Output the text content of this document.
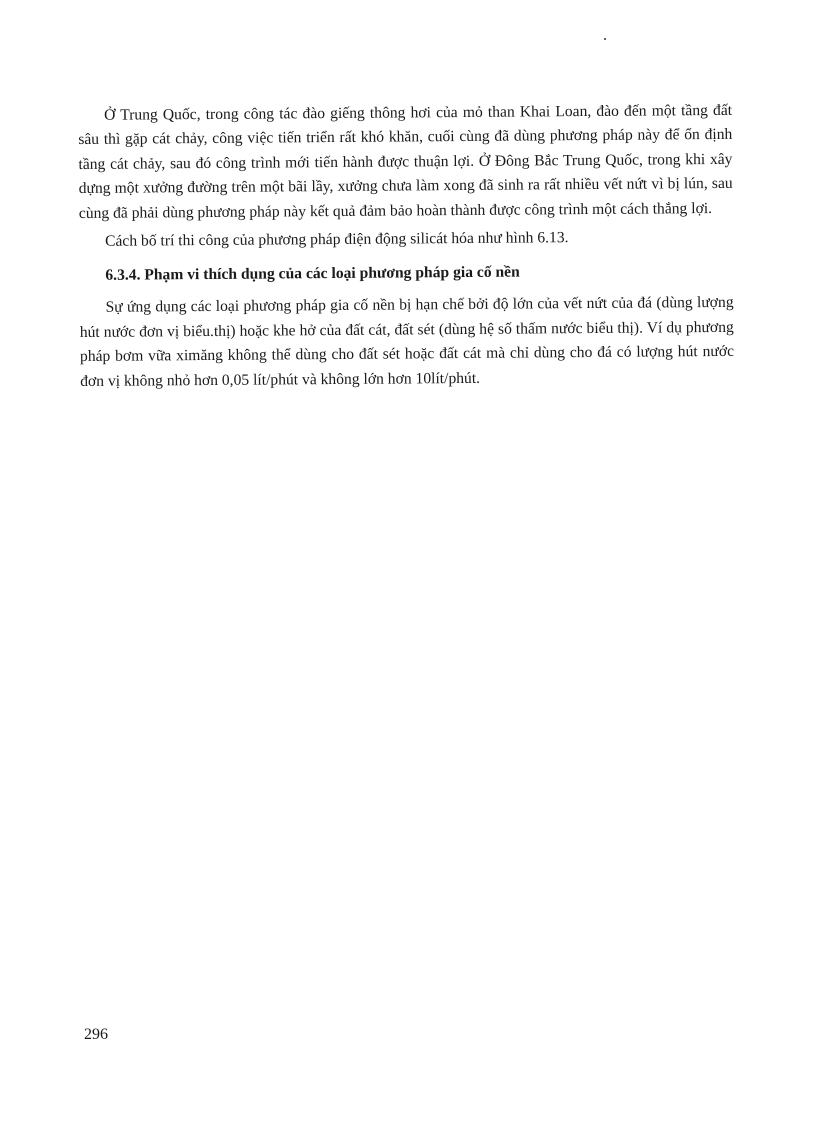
Ở Trung Quốc, trong công tác đào giếng thông hơi của mỏ than Khai Loan, đào đến một tầng đất sâu thì gặp cát chảy, công việc tiến triển rất khó khăn, cuối cùng đã dùng phương pháp này để ổn định tầng cát chảy, sau đó công trình mới tiến hành được thuận lợi. Ở Đông Bắc Trung Quốc, trong khi xây dựng một xưởng đường trên một bãi lầy, xưởng chưa làm xong đã sinh ra rất nhiều vết nứt vì bị lún, sau cùng đã phải dùng phương pháp này kết quả đảm bảo hoàn thành được công trình một cách thắng lợi.

Cách bố trí thi công của phương pháp điện động silicát hóa như hình 6.13.

6.3.4. Phạm vi thích dụng của các loại phương pháp gia cố nền

Sự ứng dụng các loại phương pháp gia cố nền bị hạn chế bởi độ lớn của vết nứt của đá (dùng lượng hút nước đơn vị biểu.thị) hoặc khe hở của đất cát, đất sét (dùng hệ số thấm nước biểu thị). Ví dụ phương pháp bơm vữa ximăng không thể dùng cho đất sét hoặc đất cát mà chỉ dùng cho đá có lượng hút nước đơn vị không nhỏ hơn 0,05 lít/phút và không lớn hơn 10lít/phút.

296
